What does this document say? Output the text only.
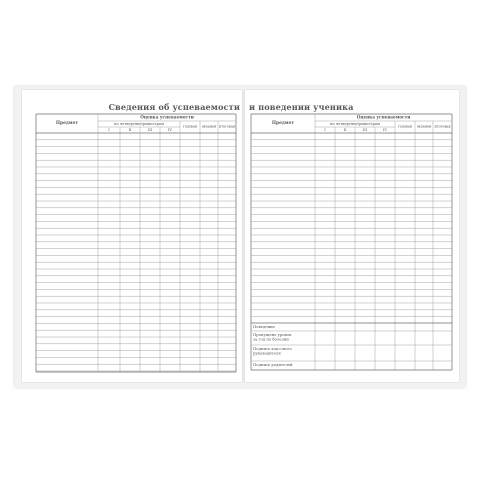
Сведения об успеваемости
Предмет
Оценка успеваемости
по четвертям/триместрам
I	II	III	IV
годовая экзамен итоговая
и поведении ученика
Предмет
Оценка успеваемости
по четвертям/триместрам
I	II	III	IV
годовая экзамен итоговая
Поведение
Пропущено уроков
за год по болезни
Подпись классного
руководителя
Подпись родителей
